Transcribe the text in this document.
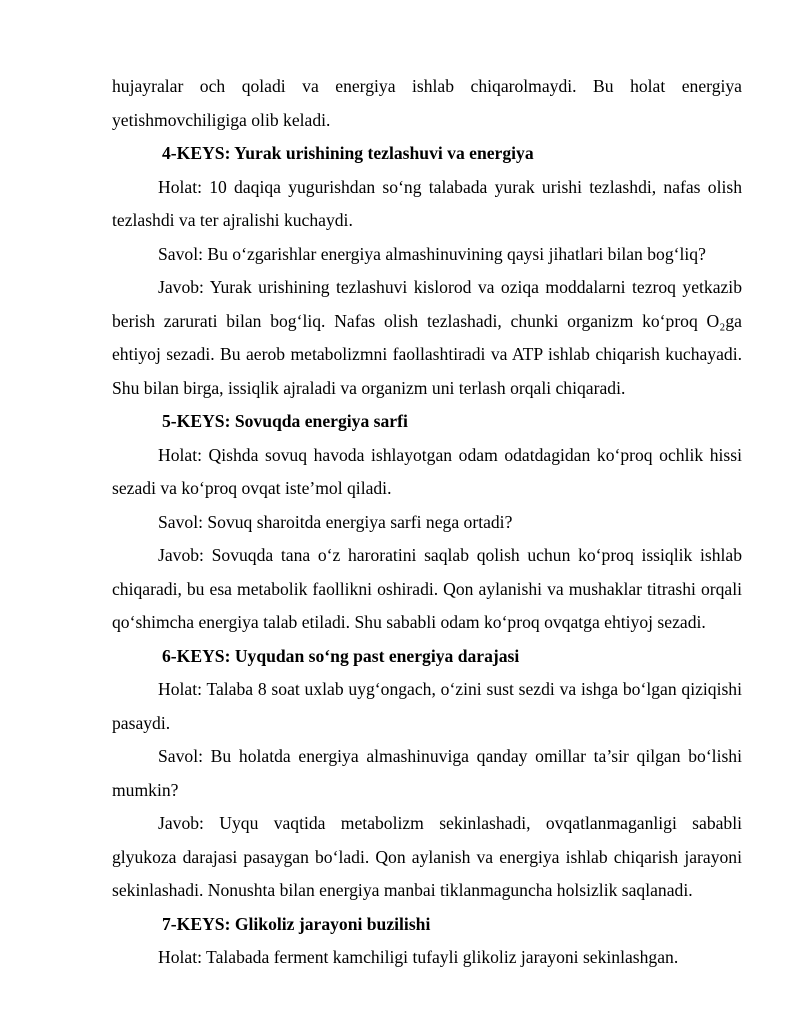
hujayralar och qoladi va energiya ishlab chiqarolmaydi. Bu holat energiya yetishmovchiligiga olib keladi.

4-KEYS: Yurak urishining tezlashuvi va energiya

Holat: 10 daqiqa yugurishdan so‘ng talabada yurak urishi tezlashdi, nafas olish tezlashdi va ter ajralishi kuchaydi.

Savol: Bu o‘zgarishlar energiya almashinuvining qaysi jihatlari bilan bog‘liq?

Javob: Yurak urishining tezlashuvi kislorod va oziqa moddalarni tezroq yetkazib berish zarurati bilan bog‘liq. Nafas olish tezlashadi, chunki organizm ko‘proq O₂ga ehtiyoj sezadi. Bu aerob metabolizmni faollashtiradi va ATP ishlab chiqarish kuchayadi. Shu bilan birga, issiqlik ajraladi va organizm uni terlash orqali chiqaradi.

5-KEYS: Sovuqda energiya sarfi

Holat: Qishda sovuq havoda ishlayotgan odam odatdagidan ko‘proq ochlik hissi sezadi va ko‘proq ovqat iste’mol qiladi.

Savol: Sovuq sharoitda energiya sarfi nega ortadi?

Javob: Sovuqda tana o‘z haroratini saqlab qolish uchun ko‘proq issiqlik ishlab chiqaradi, bu esa metabolik faollikni oshiradi. Qon aylanishi va mushaklar titrashi orqali qo‘shimcha energiya talab etiladi. Shu sababli odam ko‘proq ovqatga ehtiyoj sezadi.

6-KEYS: Uyqudan so‘ng past energiya darajasi

Holat: Talaba 8 soat uxlab uyg‘ongach, o‘zini sust sezdi va ishga bo‘lgan qiziqishi pasaydi.

Savol: Bu holatda energiya almashinuviga qanday omillar ta’sir qilgan bo‘lishi mumkin?

Javob: Uyqu vaqtida metabolizm sekinlashadi, ovqatlanmaganligi sababli glyukoza darajasi pasaygan bo‘ladi. Qon aylanish va energiya ishlab chiqarish jarayoni sekinlashadi. Nonushta bilan energiya manbai tiklanmaguncha holsizlik saqlanadi.

7-KEYS: Glikoliz jarayoni buzilishi

Holat: Talabada ferment kamchiligi tufayli glikoliz jarayoni sekinlashgan.
